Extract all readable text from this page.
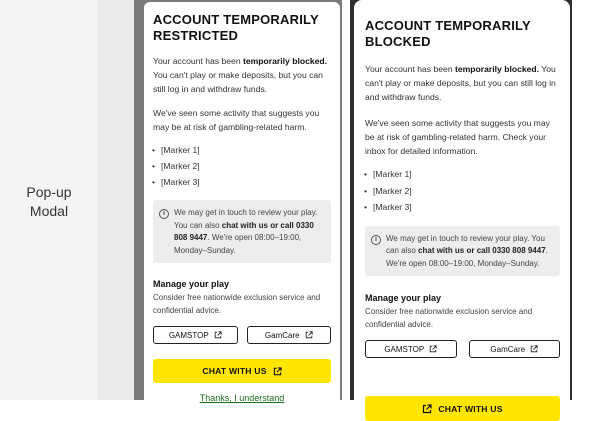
Pop-up
Modal
ACCOUNT TEMPORARILY
RESTRICTED

Your account has been temporarily blocked. You can't play or make deposits, but you can still log in and withdraw funds.

We've seen some activity that suggests you may be at risk of gambling-related harm.

• [Marker 1]
• [Marker 2]
• [Marker 3]
i	We may get in touch to review your play. You can also chat with us or call 0330 808 9447. We're open 08:00–19:00, Monday–Sunday.
Manage your play
Consider free nationwide exclusion service and confidential advice.
GAMSTOP	GamCare
CHAT WITH US
Thanks, I understand
ACCOUNT TEMPORARILY
BLOCKED

Your account has been temporarily blocked. You can't play or make deposits, but you can still log in and withdraw funds.

We've seen some activity that suggests you may be at risk of gambling-related harm. Check your inbox for detailed information.

• [Marker 1]
• [Marker 2]
• [Marker 3]
i	We may get in touch to review your play. You can also chat with us or call 0330 808 9447. We're open 08:00–19:00, Monday–Sunday.
Manage your play
Consider free nationwide exclusion service and confidential advice.
GAMSTOP	GamCare
CHAT WITH US
